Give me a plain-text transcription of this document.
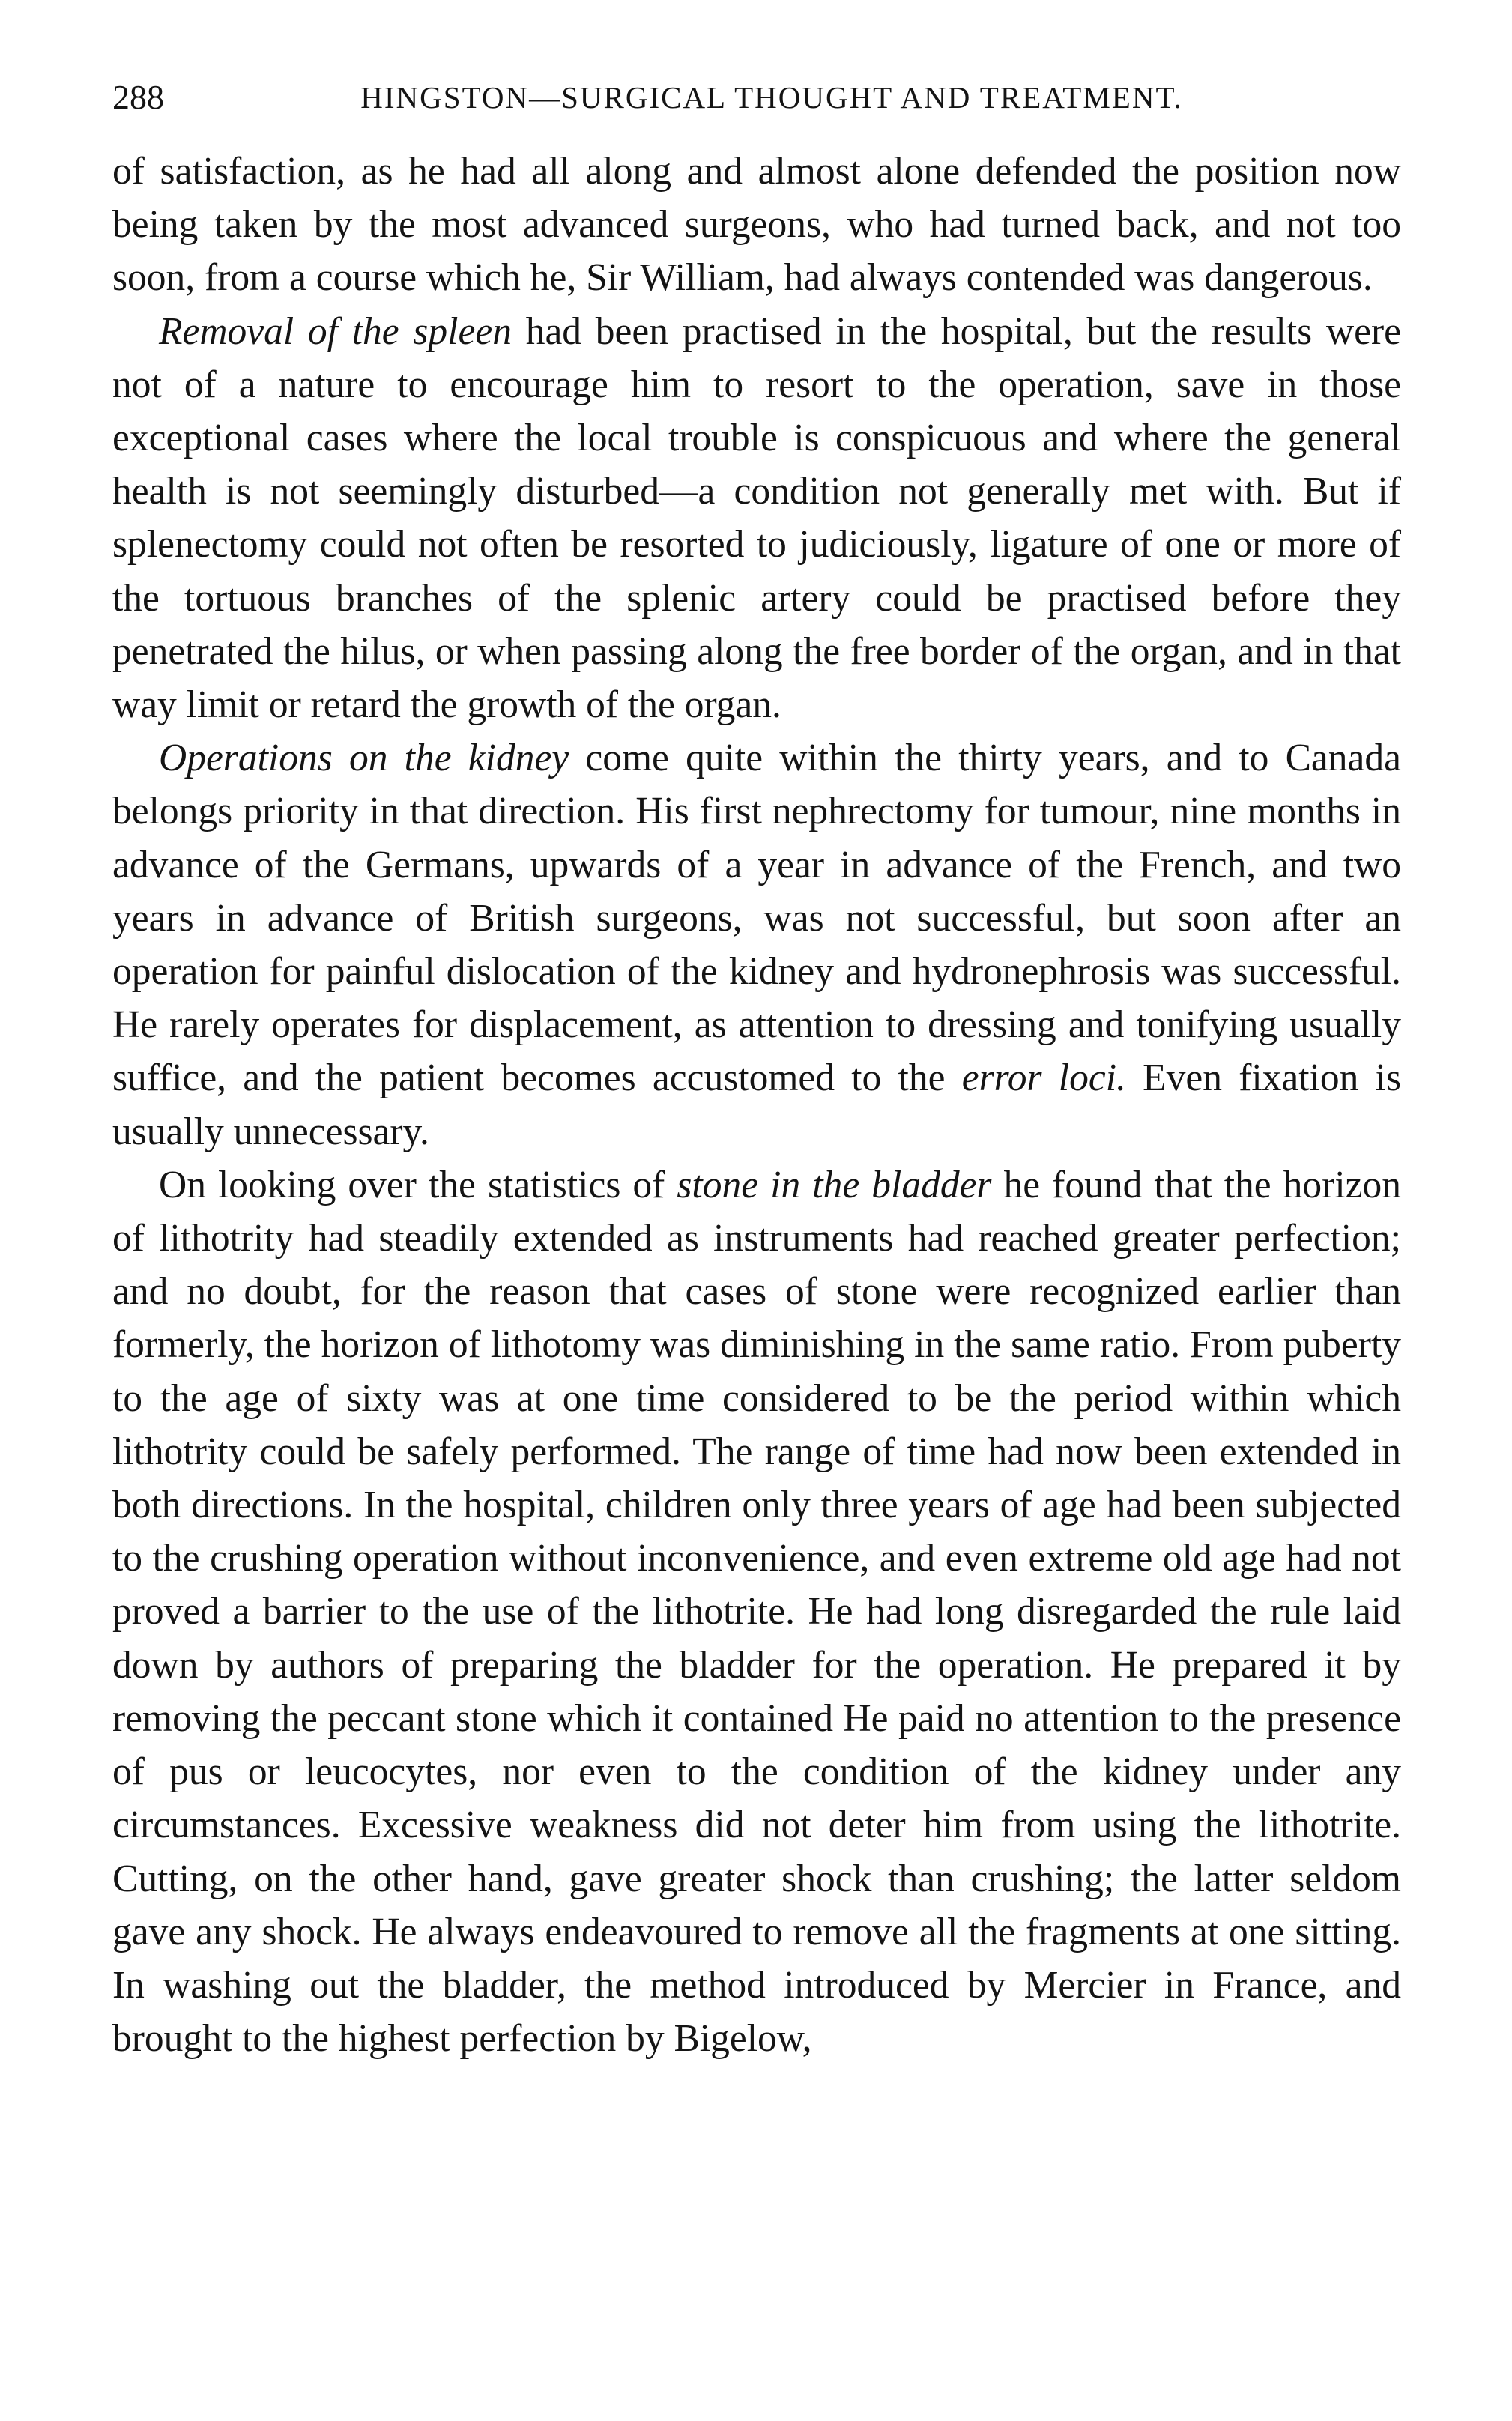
288	HINGSTON—SURGICAL THOUGHT AND TREATMENT.

of satisfaction, as he had all along and almost alone defended the position now being taken by the most advanced surgeons, who had turned back, and not too soon, from a course which he, Sir William, had always contended was dangerous.

Removal of the spleen had been practised in the hospital, but the results were not of a nature to encourage him to resort to the operation, save in those exceptional cases where the local trouble is conspicuous and where the general health is not seemingly disturbed—a condition not generally met with. But if splenectomy could not often be resorted to judiciously, ligature of one or more of the tortuous branches of the splenic artery could be practised before they penetrated the hilus, or when passing along the free border of the organ, and in that way limit or retard the growth of the organ.

Operations on the kidney come quite within the thirty years, and to Canada belongs priority in that direction. His first nephrectomy for tumour, nine months in advance of the Germans, upwards of a year in advance of the French, and two years in advance of British surgeons, was not successful, but soon after an operation for painful dislocation of the kidney and hydronephrosis was successful. He rarely operates for displacement, as attention to dressing and tonifying usually suffice, and the patient becomes accustomed to the error loci. Even fixation is usually unnecessary.

On looking over the statistics of stone in the bladder he found that the horizon of lithotrity had steadily extended as instruments had reached greater perfection; and no doubt, for the reason that cases of stone were recognized earlier than formerly, the horizon of lithotomy was diminishing in the same ratio. From puberty to the age of sixty was at one time considered to be the period within which lithotrity could be safely performed. The range of time had now been extended in both directions. In the hospital, children only three years of age had been subjected to the crushing operation without inconvenience, and even extreme old age had not proved a barrier to the use of the lithotrite. He had long disregarded the rule laid down by authors of preparing the bladder for the operation. He prepared it by removing the peccant stone which it contained He paid no attention to the presence of pus or leucocytes, nor even to the condition of the kidney under any circumstances. Excessive weakness did not deter him from using the lithotrite. Cutting, on the other hand, gave greater shock than crushing; the latter seldom gave any shock. He always endeavoured to remove all the fragments at one sitting. In washing out the bladder, the method introduced by Mercier in France, and brought to the highest perfection by Bigelow,
